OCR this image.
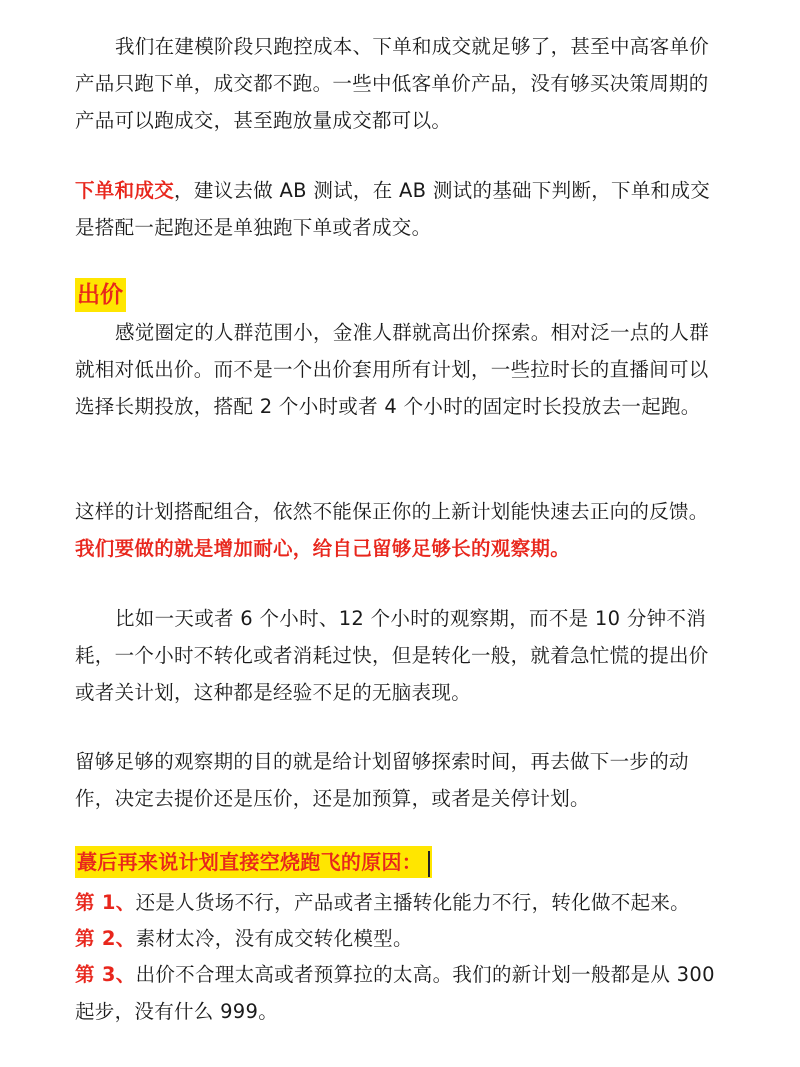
我们在建模阶段只跑控成本、下单和成交就足够了，甚至中高客单价产品只跑下单，成交都不跑。一些中低客单价产品，没有够买决策周期的产品可以跑成交，甚至跑放量成交都可以。

下单和成交，建议去做 AB 测试，在 AB 测试的基础下判断，下单和成交是搭配一起跑还是单独跑下单或者成交。

出价

感觉圈定的人群范围小，金准人群就高出价探索。相对泛一点的人群就相对低出价。而不是一个出价套用所有计划，一些拉时长的直播间可以选择长期投放，搭配 2 个小时或者 4 个小时的固定时长投放去一起跑。

这样的计划搭配组合，依然不能保正你的上新计划能快速去正向的反馈。我们要做的就是增加耐心，给自己留够足够长的观察期。

比如一天或者 6 个小时、12 个小时的观察期，而不是 10 分钟不消耗，一个小时不转化或者消耗过快，但是转化一般，就着急忙慌的提出价或者关计划，这种都是经验不足的无脑表现。

留够足够的观察期的目的就是给计划留够探索时间，再去做下一步的动作，决定去提价还是压价，还是加预算，或者是关停计划。

蕞后再来说计划直接空烧跑飞的原因：

第 1、还是人货场不行，产品或者主播转化能力不行，转化做不起来。

第 2、素材太冷，没有成交转化模型。

第 3、出价不合理太高或者预算拉的太高。我们的新计划一般都是从 300 起步，没有什么 999。
